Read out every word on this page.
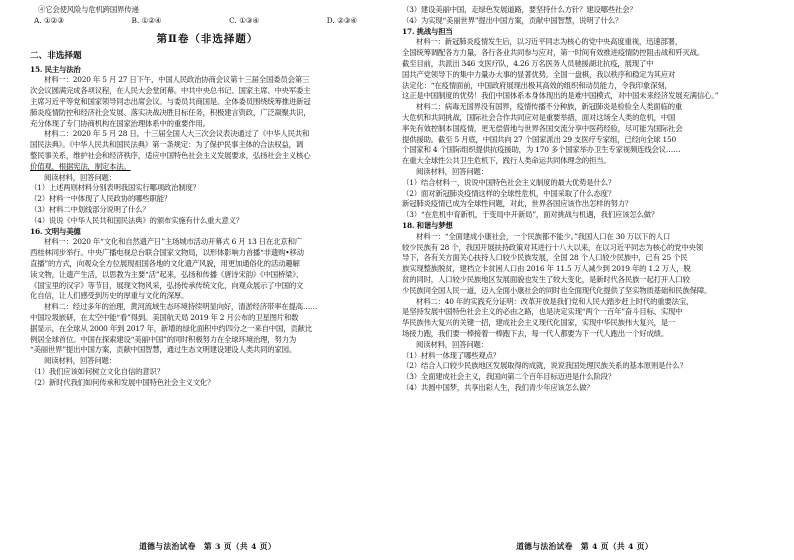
④它会使风险与危机跨国界传递
A. ①②③	B. ①②④	C. ①③④	D. ②③④
第Ⅱ卷（非选择题）
二、非选择题
15. 民主与法治
材料一：2020 年 5 月 27 日下午，中国人民政治协商会议第十三届全国委员会第三
次会议圆满完成各项议程，在人民大会堂闭幕。中共中央总书记、国家主席、中央军委主
主席习近平等党和国家领导同志出席会议。与委员共商国是。全体委员围绕统筹推进新冠
肺炎疫情防控和经济社会发展、落实决战决胜目标任务，积极建言资政，广泛凝聚共识，
充分体现了专门协商机构在国家治理体系中的重要作用。
材料二：2020 年 5 月 28 日，十三届全国人大三次会议表决通过了《中华人民共和
国民法典》。《中华人民共和国民法典》第一条规定：为了保护民事主体的合法权益，调
整民事关系，维护社会和经济秩序，适应中国特色社会主义发展要求，弘扬社会主义核心
价值观，根据宪法，制定本法。
阅读材料，回答问题：
（1）上述两则材料分别表明我国实行哪项政治制度？
（2）材料一中体现了人民政协的哪些职能？
（3）材料二中划线部分说明了什么？
（4）说说《中华人民共和国民法典》的颁布实施有什么重大意义？
16. 文明与美德
材料一：2020 年“文化和自然遗产日”主场城市活动开幕式 6 月 13 日在北京和广
西桂林同步举行。中央广播电视总台联合国家文物局，以形体影响力首播“非遗购•移动
直播”的方式，向观众全方位展现祖国各地的文化遗产风貌，用更加通俗化的活动趣解
读文物，让遗产生活，以思教为主要“活”起来，弘扬和传播《唐诗宋韵》《中国桥梁》、
《国宝里的汉字》等节目，展现文物风采，弘扬传承传统文化，向观众展示了中国的文
化自信，让人们感受到历史的厚重与文化的深厚。
材料二：经过多年的治理，黄河流域生态环境持续明显向好，清淤经济带率在提高……
中国垃圾嵌研，在太空中能“看”得到。美国航天局 2019 年 2 月公布的卫星图片和数
据显示，在全球从 2000 年到 2017 年，新增的绿化面积中约四分之一来自中国，贡献比
例居全球首位。中国在探索建设“美丽中国”的同时积极努力在全球环境治理，努力为
“美丽世界”提出中国方案，贡献中国智慧，通过生态文明建设建设人类共同的家园。
阅读材料，回答问题：
（1）我们应该如何树立文化自信的意识？
（2）新时代我们如何传承和发展中国特色社会主义文化？
道德与法治试卷　第 3 页（共 4 页）
（3）建设美丽中国，走绿色发展道路，要坚持什么方针？建设哪些社会？
（4）为实现“美丽世界”提出中国方案，贡献中国智慧，说明了什么？
17. 挑战与担当
材料一：新冠肺炎疫情发生后，以习近平同志为核心的党中央高度重视，迅速部署，
全国统筹调配各方力量，各行各业共同参与应对，第一时间有效推进疫情防控阻击战和歼灭战。
截至目前，共派出 346 支医疗队，4.26 万名医务人员驰援湖北抗疫，展现了中
国共产党领导下的集中力量办大事的显著优势。全国一盘棋，我以秩序和稳定为其应对
法定化：“在疫情面前，中国政府展现出极其高效的组织和动员能力，令我印象深刻，
这正是中国制度的优势！我们中国体系本身体现出的是难中国模式，对中国未来经济发展充满信心。”
材料二：病毒无国界没有国界，疫情传播不分种族，新冠肺炎是检验全人类面临的重
大危机和共同挑战，国际社会合作共同应对是重要举措，面对这场全人类的危机，中国
率先有效控制本国疫情，更无偿借地与世界各国交流分享中医药经验，尽可能为国际社会
提供援助。截至 5 月底，中国共向 27 个国家派出 29 支医疗专家组，已经向全球 150
个国家和 4 个国际组织提供抗疫援助，为 170 多个国家举办卫生专家视频连线会议……
在重大全球性公共卫生危机下，践行人类命运共同体理念的担当。
阅读材料，回答问题：
（1）结合材料一，说说中国特色社会主义制度的最大优势是什么？
（2）面对新冠肺炎疫情这样的全球性危机，中国采取了什么态度？
新冠肺炎疫情已成为全球性问题，对此，世界各国应该作出怎样的努力？
（3）“在危机中育新机，于变局中开新局”，面对挑战与机遇，我们应该怎么做？
18. 和谐与梦想
材料一：“全面建成小康社会，一个民族都不能少。”我国人口在 30 万以下的人口
较少民族有 28 个，我国开展扶持政策对其进行十八大以来，在以习近平同志为核心的党中央领
导下，各有关方面关心扶持人口较少民族发展，全国 28 个人口较少民族中，已有 25 个民
族实现整族脱贫，建档立卡贫困人口由 2016 年 11.5 万人减少到 2019 年的 1.2 万人，脱
贫的同时，人口较少民族地区发展面貌也发生了较大变化，是新时代各民族一起打开人口较
少民族同全国人民一道，迈入全面小康社会的同时也全面现代化提供了坚实物质基础和民族保障。
材料二：40 年的实践充分证明：改革开放是我们党和人民大踏步赶上时代的重要法宝，
是坚持发展中国特色社会主义的必由之路，也是决定实现“两个一百年”奋斗目标、实现中
华民族伟大复兴的关键一招，建成社会主义现代化国家，实现中华民族伟大复兴，是一
场接力跑，我们要一棒接着一棒跑下去，每一代人都要为下一代人跑出一个好成绩。
阅读材料，回答问题：
（1）材料一体现了哪些观点？
（2）结合人口较少民族地区发展取得的成就，说说我国处理民族关系的基本原则是什么？
（3）全面建成社会主义，我国向第二个百年目标迈进是什么阶段？
（4）共圆中国梦，共享出彩人生，我们青少年应该怎么做？
道德与法治试卷　第 4 页（共 4 页）
